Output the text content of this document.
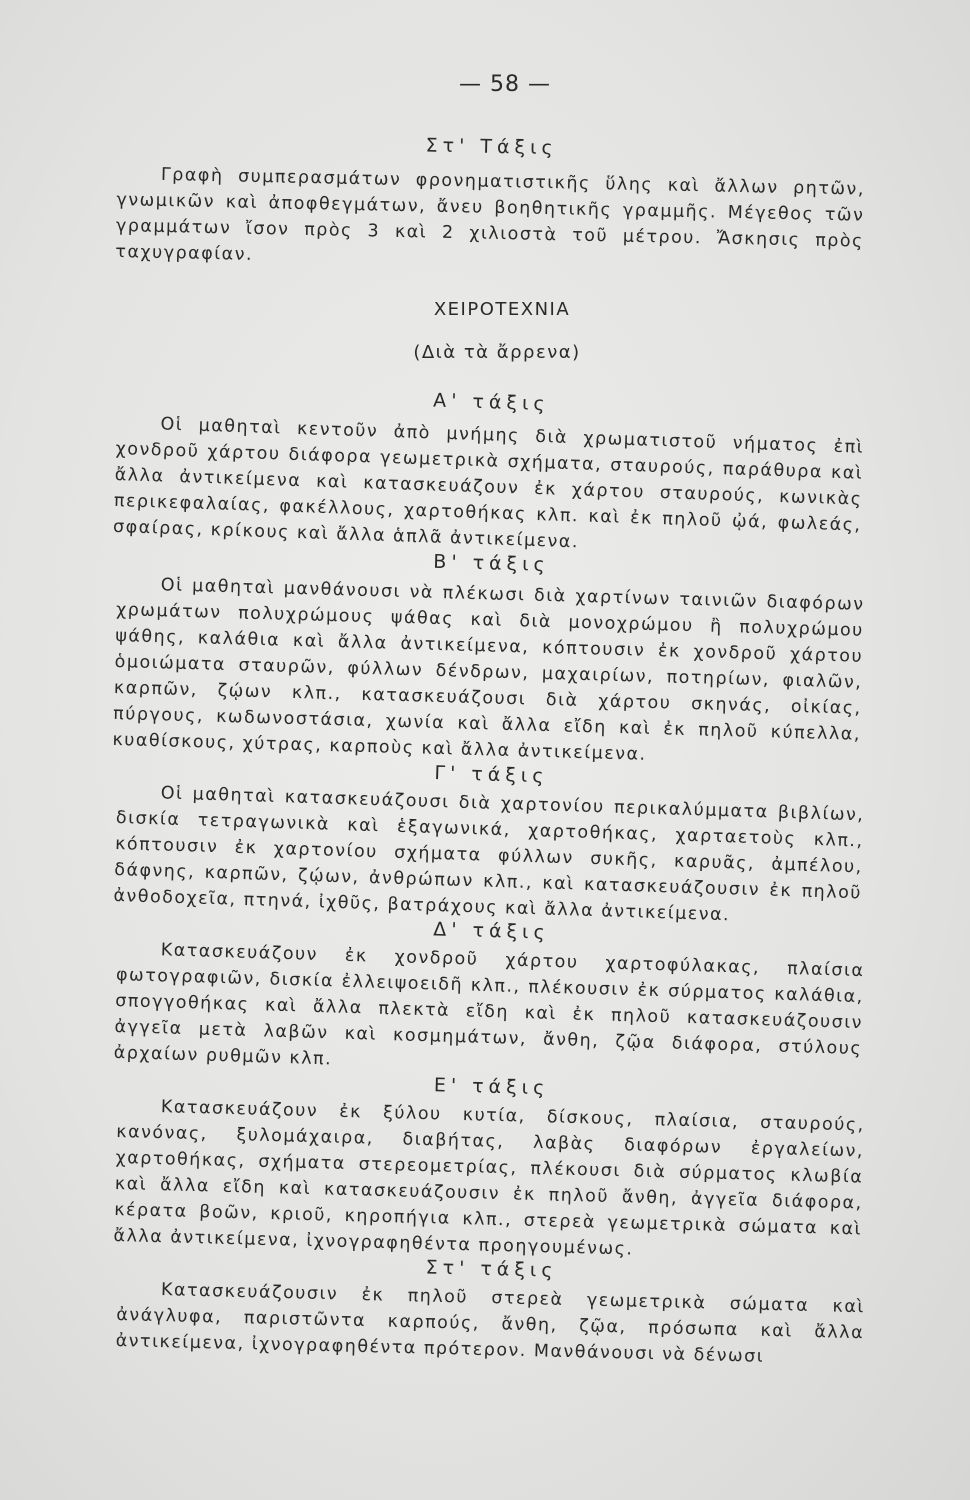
— 58 —

Στ' Τάξις

Γραφὴ συμπερασμάτων φρονηματιστικῆς ὕλης καὶ ἄλλων ρητῶν, γνωμικῶν καὶ ἀποφθεγμάτων, ἄνευ βοηθητικῆς γραμμῆς. Μέγεθος τῶν γραμμάτων ἴσον πρὸς 3 καὶ 2 χιλιοστὰ τοῦ μέτρου. Ἄσκησις πρὸς ταχυγραφίαν.

ΧΕΙΡΟΤΕΧΝΙΑ

(Διὰ τὰ ἄρρενα)

Α' τάξις

Οἱ μαθηταὶ κεντοῦν ἀπὸ μνήμης διὰ χρωματιστοῦ νήματος ἐπὶ χονδροῦ χάρτου διάφορα γεωμετρικὰ σχήματα, σταυρούς, παράθυρα καὶ ἄλλα ἀντικείμενα καὶ κατασκευάζουν ἐκ χάρτου σταυρούς, κωνικὰς περικεφαλαίας, φακέλλους, χαρτοθήκας κλπ. καὶ ἐκ πηλοῦ ᾠά, φωλεάς, σφαίρας, κρίκους καὶ ἄλλα ἁπλᾶ ἀντικείμενα.

Β' τάξις

Οἱ μαθηταὶ μανθάνουσι νὰ πλέκωσι διὰ χαρτίνων ταινιῶν διαφόρων χρωμάτων πολυχρώμους ψάθας καὶ διὰ μονοχρώμου ἢ πολυχρώμου ψάθης, καλάθια καὶ ἄλλα ἀντικείμενα, κόπτουσιν ἐκ χονδροῦ χάρτου ὁμοιώματα σταυρῶν, φύλλων δένδρων, μαχαιρίων, ποτηρίων, φιαλῶν, καρπῶν, ζῴων κλπ., κατασκευάζουσι διὰ χάρτου σκηνάς, οἰκίας, πύργους, κωδωνοστάσια, χωνία καὶ ἄλλα εἴδη καὶ ἐκ πηλοῦ κύπελλα, κυαθίσκους, χύτρας, καρποὺς καὶ ἄλλα ἀντικείμενα.

Γ' τάξις

Οἱ μαθηταὶ κατασκευάζουσι διὰ χαρτονίου περικαλύμματα βιβλίων, δισκία τετραγωνικὰ καὶ ἑξαγωνικά, χαρτοθήκας, χαρταετοὺς κλπ., κόπτουσιν ἐκ χαρτονίου σχήματα φύλλων συκῆς, καρυᾶς, ἀμπέλου, δάφνης, καρπῶν, ζῴων, ἀνθρώπων κλπ., καὶ κατασκευάζουσιν ἐκ πηλοῦ ἀνθοδοχεῖα, πτηνά, ἰχθῦς, βατράχους καὶ ἄλλα ἀντικείμενα.

Δ' τάξις

Κατασκευάζουν ἐκ χονδροῦ χάρτου χαρτοφύλακας, πλαίσια φωτογραφιῶν, δισκία ἐλλειψοειδῆ κλπ., πλέκουσιν ἐκ σύρματος καλάθια, σπογγοθήκας καὶ ἄλλα πλεκτὰ εἴδη καὶ ἐκ πηλοῦ κατασκευάζουσιν ἀγγεῖα μετὰ λαβῶν καὶ κοσμημάτων, ἄνθη, ζῷα διάφορα, στύλους ἀρχαίων ρυθμῶν κλπ.

Ε' τάξις

Κατασκευάζουν ἐκ ξύλου κυτία, δίσκους, πλαίσια, σταυρούς, κανόνας, ξυλομάχαιρα, διαβήτας, λαβὰς διαφόρων ἐργαλείων, χαρτοθήκας, σχήματα στερεομετρίας, πλέκουσι διὰ σύρματος κλωβία καὶ ἄλλα εἴδη καὶ κατασκευάζουσιν ἐκ πηλοῦ ἄνθη, ἀγγεῖα διάφορα, κέρατα βοῶν, κριοῦ, κηροπήγια κλπ., στερεὰ γεωμετρικὰ σώματα καὶ ἄλλα ἀντικείμενα, ἰχνογραφηθέντα προηγουμένως.

Στ' τάξις

Κατασκευάζουσιν ἐκ πηλοῦ στερεὰ γεωμετρικὰ σώματα καὶ ἀνάγλυφα, παριστῶντα καρπούς, ἄνθη, ζῷα, πρόσωπα καὶ ἄλλα ἀντικείμενα, ἰχνογραφηθέντα πρότερον. Μανθάνουσι νὰ δένωσι
